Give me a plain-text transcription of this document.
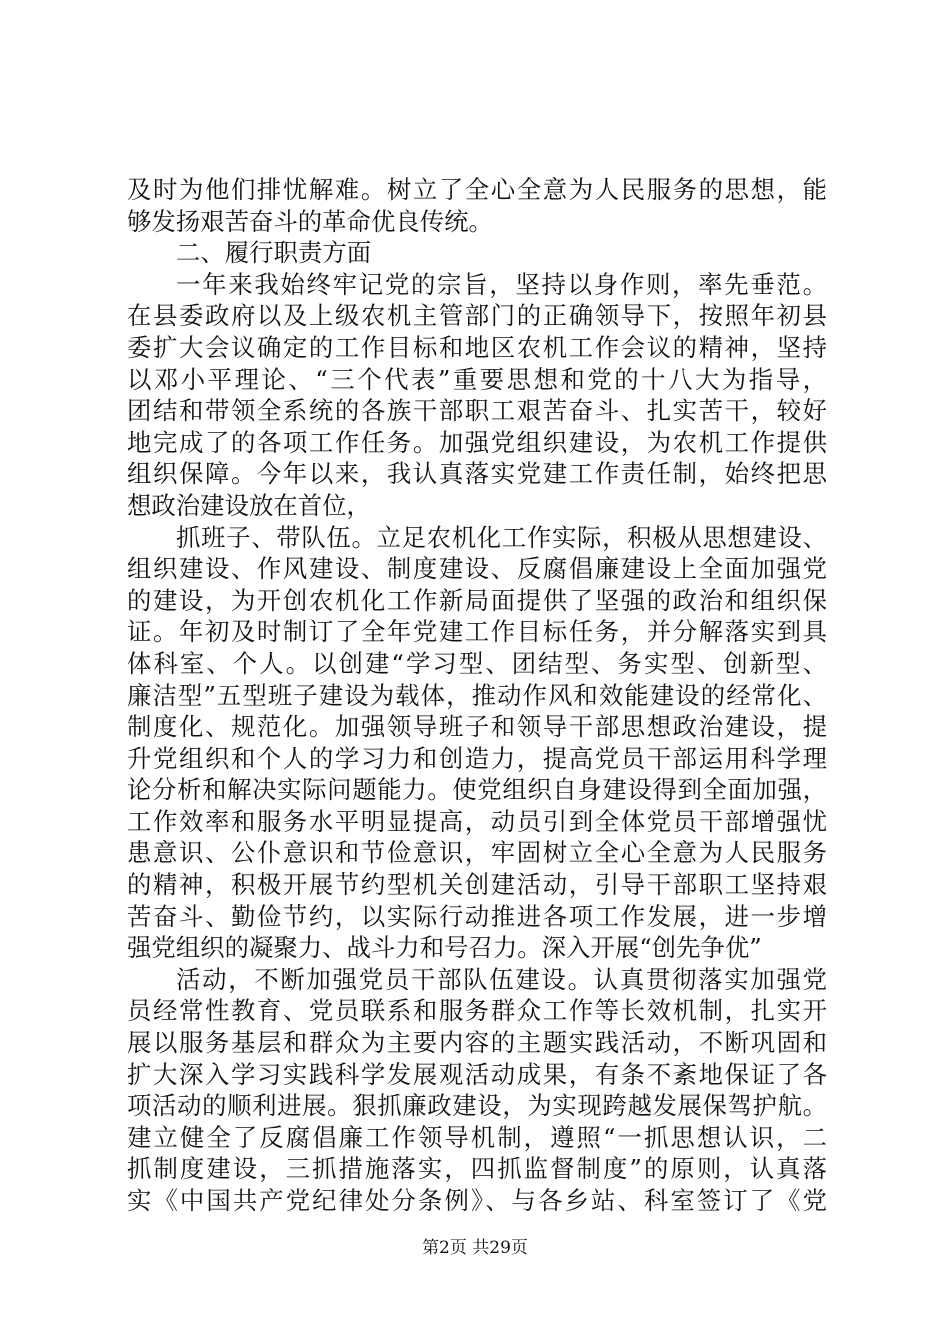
及时为他们排忧解难。树立了全心全意为人民服务的思想，能
够发扬艰苦奋斗的革命优良传统。
二、履行职责方面
一年来我始终牢记党的宗旨，坚持以身作则，率先垂范。
在县委政府以及上级农机主管部门的正确领导下，按照年初县
委扩大会议确定的工作目标和地区农机工作会议的精神，坚持
以邓小平理论、“三个代表”重要思想和党的十八大为指导，
团结和带领全系统的各族干部职工艰苦奋斗、扎实苦干，较好
地完成了的各项工作任务。加强党组织建设，为农机工作提供
组织保障。今年以来，我认真落实党建工作责任制，始终把思
想政治建设放在首位，
抓班子、带队伍。立足农机化工作实际，积极从思想建设、
组织建设、作风建设、制度建设、反腐倡廉建设上全面加强党
的建设，为开创农机化工作新局面提供了坚强的政治和组织保
证。年初及时制订了全年党建工作目标任务，并分解落实到具
体科室、个人。以创建“学习型、团结型、务实型、创新型、
廉洁型”五型班子建设为载体，推动作风和效能建设的经常化、
制度化、规范化。加强领导班子和领导干部思想政治建设，提
升党组织和个人的学习力和创造力，提高党员干部运用科学理
论分析和解决实际问题能力。使党组织自身建设得到全面加强，
工作效率和服务水平明显提高，动员引到全体党员干部增强忧
患意识、公仆意识和节俭意识，牢固树立全心全意为人民服务
的精神，积极开展节约型机关创建活动，引导干部职工坚持艰
苦奋斗、勤俭节约，以实际行动推进各项工作发展，进一步增
强党组织的凝聚力、战斗力和号召力。深入开展“创先争优”
活动，不断加强党员干部队伍建设。认真贯彻落实加强党
员经常性教育、党员联系和服务群众工作等长效机制，扎实开
展以服务基层和群众为主要内容的主题实践活动，不断巩固和
扩大深入学习实践科学发展观活动成果，有条不紊地保证了各
项活动的顺利进展。狠抓廉政建设，为实现跨越发展保驾护航。
建立健全了反腐倡廉工作领导机制，遵照“一抓思想认识，二
抓制度建设，三抓措施落实，四抓监督制度”的原则，认真落
实《中国共产党纪律处分条例》、与各乡站、科室签订了《党
第2页 共29页
